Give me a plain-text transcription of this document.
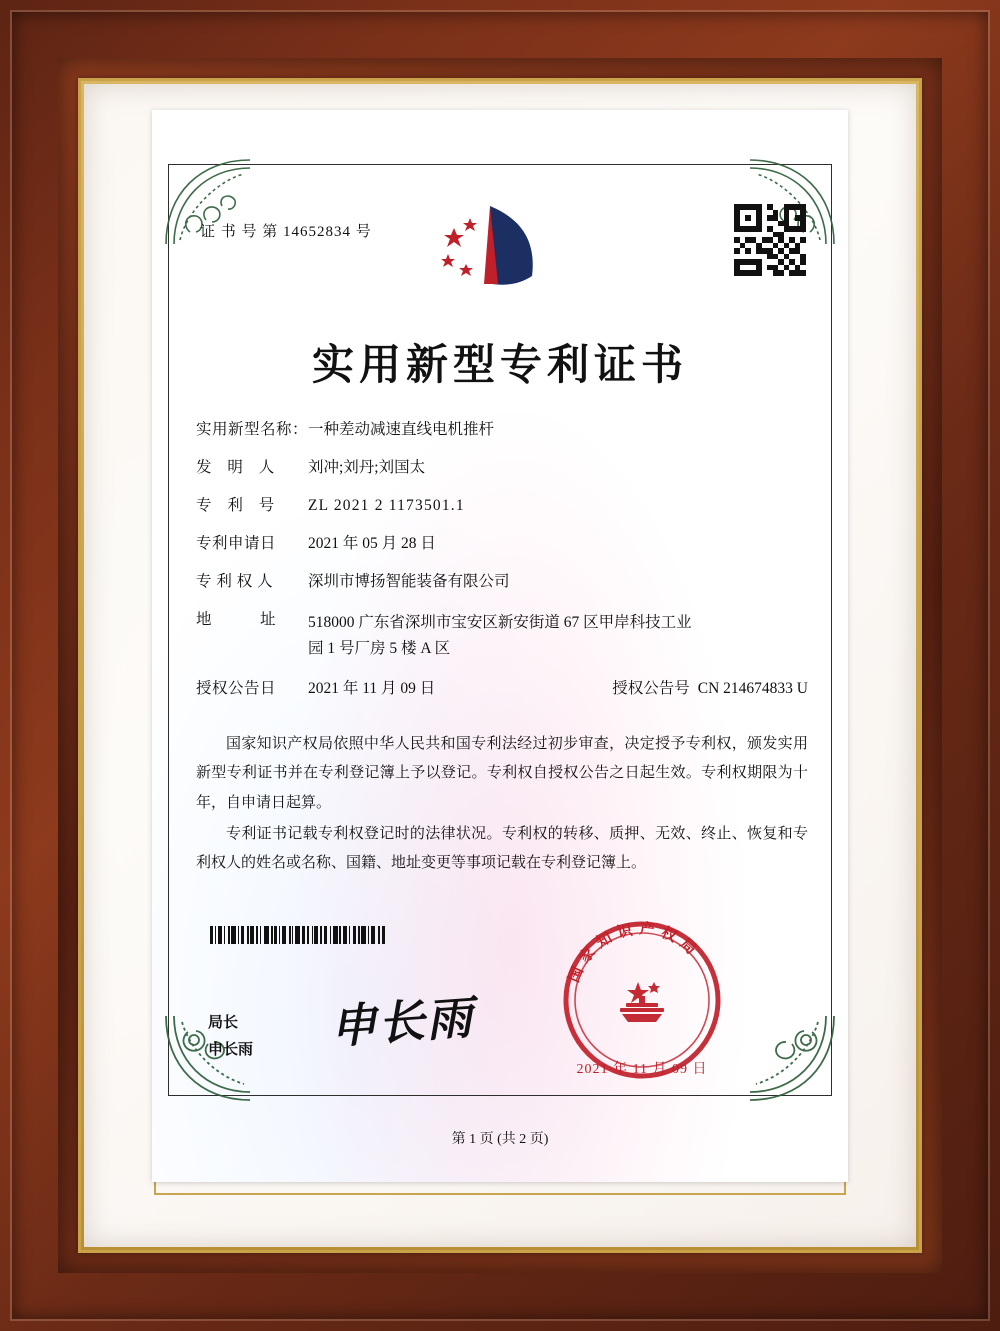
证 书 号 第 14652834 号
实用新型专利证书
实用新型名称： 一种差动减速直线电机推杆
发 明 人	刘冲;刘丹;刘国太
专 利 号	ZL 2021 2 1173501.1
专利申请日	2021 年 05 月 28 日
专 利 权 人	深圳市博扬智能装备有限公司
地　　　址	518000 广东省深圳市宝安区新安街道 67 区甲岸科技工业
园 1 号厂房 5 楼 A 区
授权公告日	2021 年 11 月 09 日	授权公告号 CN 214674833 U

国家知识产权局依照中华人民共和国专利法经过初步审查，决定授予专利权，颁发实用新型专利证书并在专利登记簿上予以登记。专利权自授权公告之日起生效。专利权期限为十年，自申请日起算。

专利证书记载专利权登记时的法律状况。专利权的转移、质押、无效、终止、恢复和专利权人的姓名或名称、国籍、地址变更等事项记载在专利登记簿上。

局长
申长雨 申长雨
国家知识产权局
2021 年 11 月 09 日
第 1 页 (共 2 页)
